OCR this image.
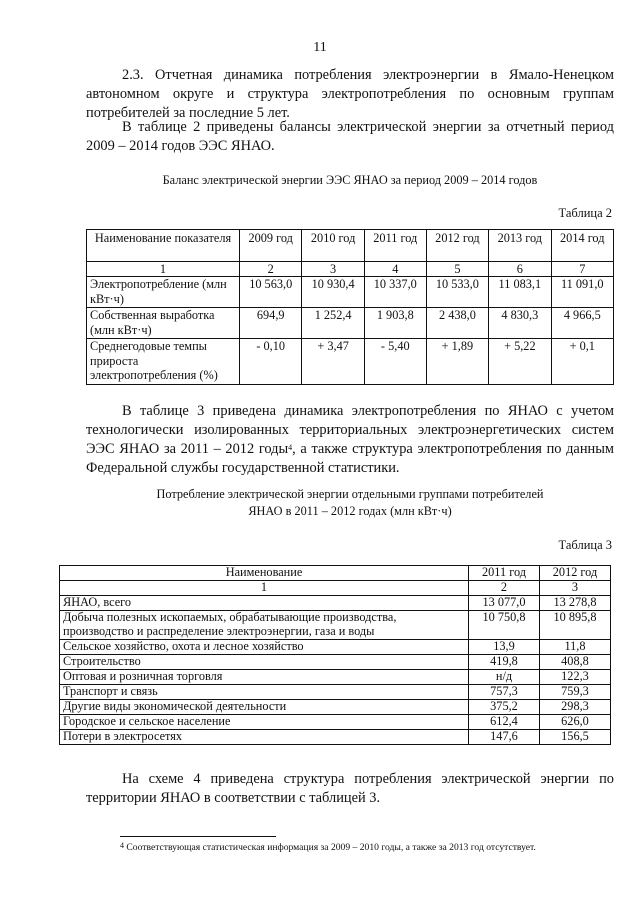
11

2.3. Отчетная динамика потребления электроэнергии в Ямало-Ненецком автономном округе и структура электропотребления по основным группам потребителей за последние 5 лет.

В таблице 2 приведены балансы электрической энергии за отчетный период 2009 – 2014 годов ЭЭС ЯНАО.

Баланс электрической энергии ЭЭС ЯНАО за период 2009 – 2014 годов
Таблица 2
Наименование показателя	2009 год	2010 год	2011 год	2012 год	2013 год	2014 год
1	2	3	4	5	6	7
Электропотребление (млн кВт·ч)	10 563,0	10 930,4	10 337,0	10 533,0	11 083,1	11 091,0
Собственная выработка (млн кВт·ч)	694,9	1 252,4	1 903,8	2 438,0	4 830,3	4 966,5
Среднегодовые темпы прироста электропотребления (%)	- 0,10	+ 3,47	- 5,40	+ 1,89	+ 5,22	+ 0,1

В таблице 3 приведена динамика электропотребления по ЯНАО с учетом технологически изолированных территориальных электроэнергетических систем ЭЭС ЯНАО за 2011 – 2012 годы$^4$, а также структура электропотребления по данным Федеральной службы государственной статистики.

Потребление электрической энергии отдельными группами потребителей
ЯНАО в 2011 – 2012 годах (млн кВт·ч)
Таблица 3
Наименование	2011 год	2012 год
1	2	3
ЯНАО, всего	13 077,0	13 278,8
Добыча полезных ископаемых, обрабатывающие производства, производство и распределение электроэнергии, газа и воды	10 750,8	10 895,8
Сельское хозяйство, охота и лесное хозяйство	13,9	11,8
Строительство	419,8	408,8
Оптовая и розничная торговля	н/д	122,3
Транспорт и связь	757,3	759,3
Другие виды экономической деятельности	375,2	298,3
Городское и сельское население	612,4	626,0
Потери в электросетях	147,6	156,5

На схеме 4 приведена структура потребления электрической энергии по территории ЯНАО в соответствии с таблицей 3.

$^4$ Соответствующая статистическая информация за 2009 – 2010 годы, а также за 2013 год отсутствует.
